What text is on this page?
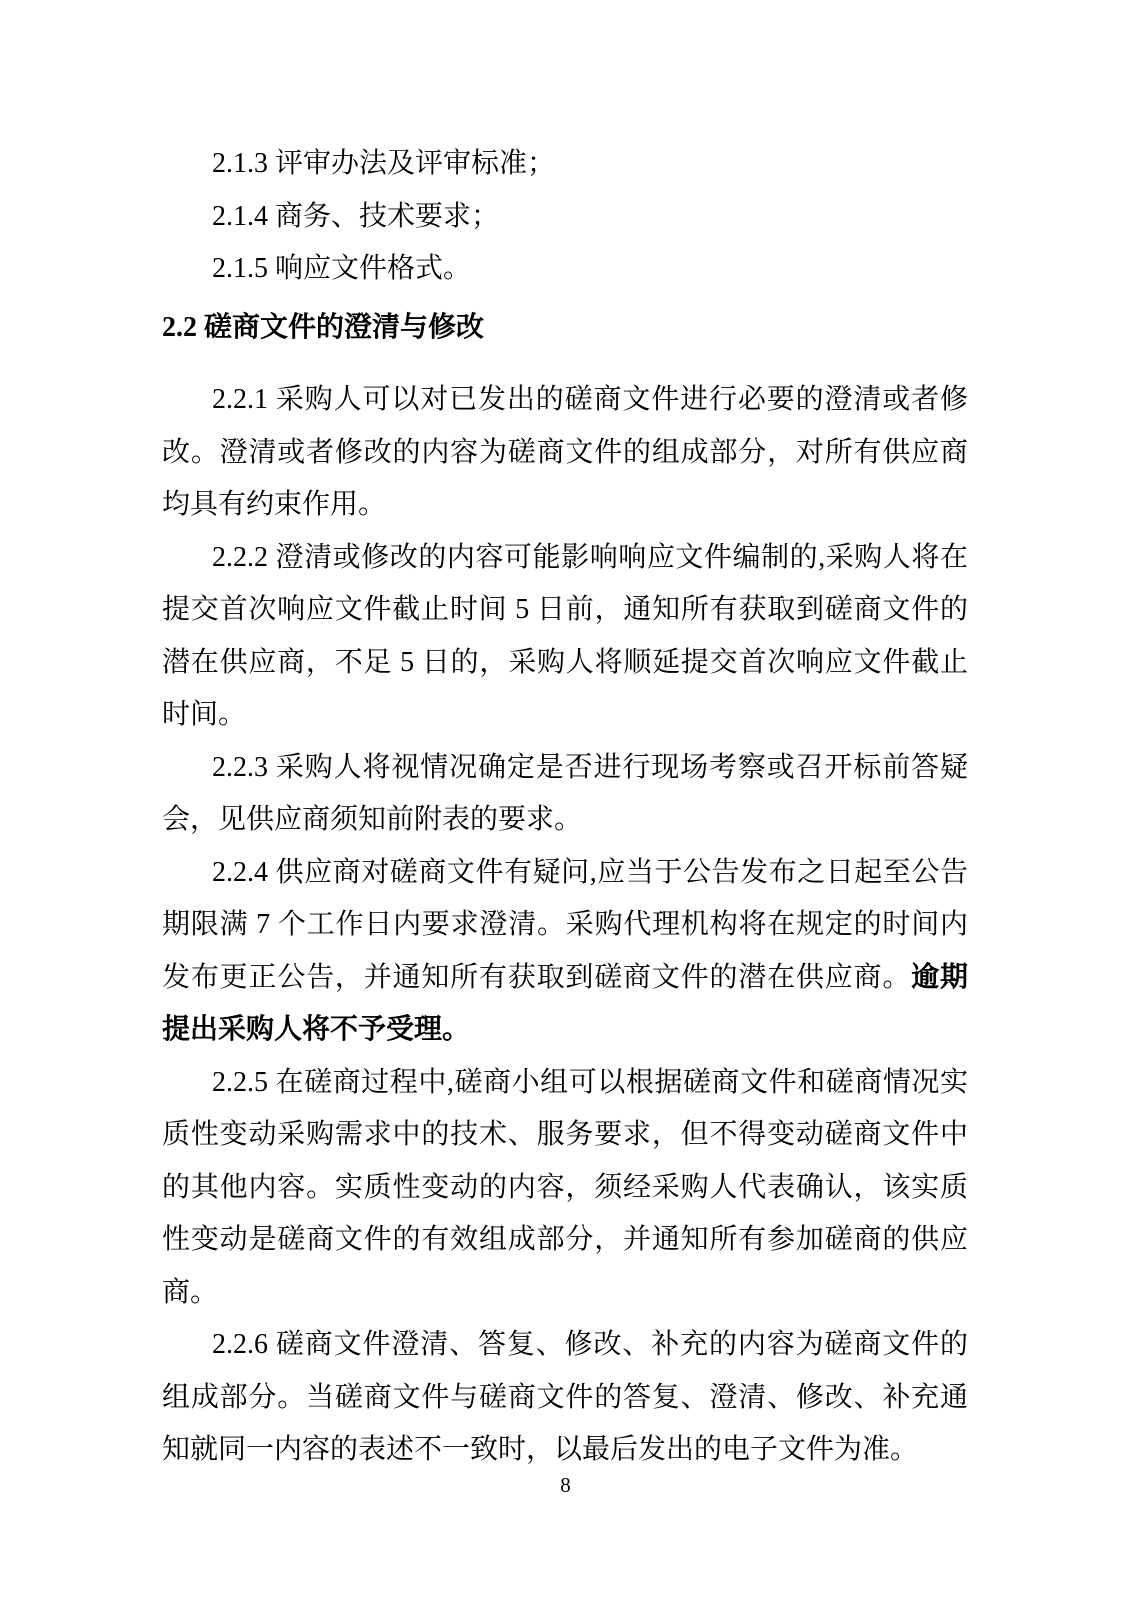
2.1.3 评审办法及评审标准；

2.1.4 商务、技术要求；

2.1.5 响应文件格式。

2.2 磋商文件的澄清与修改

2.2.1 采购人可以对已发出的磋商文件进行必要的澄清或者修改。澄清或者修改的内容为磋商文件的组成部分，对所有供应商均具有约束作用。

2.2.2 澄清或修改的内容可能影响响应文件编制的,采购人将在提交首次响应文件截止时间 5 日前，通知所有获取到磋商文件的潜在供应商，不足 5 日的，采购人将顺延提交首次响应文件截止时间。

2.2.3 采购人将视情况确定是否进行现场考察或召开标前答疑会，见供应商须知前附表的要求。

2.2.4 供应商对磋商文件有疑问,应当于公告发布之日起至公告期限满 7 个工作日内要求澄清。采购代理机构将在规定的时间内发布更正公告，并通知所有获取到磋商文件的潜在供应商。逾期提出采购人将不予受理。

2.2.5 在磋商过程中,磋商小组可以根据磋商文件和磋商情况实质性变动采购需求中的技术、服务要求，但不得变动磋商文件中的其他内容。实质性变动的内容，须经采购人代表确认，该实质性变动是磋商文件的有效组成部分，并通知所有参加磋商的供应商。

2.2.6 磋商文件澄清、答复、修改、补充的内容为磋商文件的组成部分。当磋商文件与磋商文件的答复、澄清、修改、补充通知就同一内容的表述不一致时，以最后发出的电子文件为准。

8
